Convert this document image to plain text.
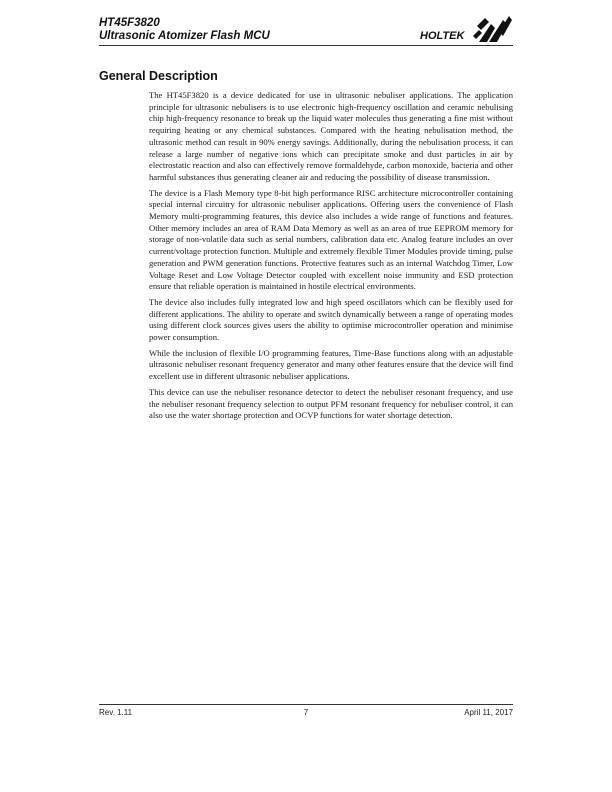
HT45F3820
Ultrasonic Atomizer Flash MCU	HOLTEK
General Description

The HT45F3820 is a device dedicated for use in ultrasonic nebuliser applications. The application principle for ultrasonic nebulisers is to use electronic high-frequency oscillation and ceramic nebulising chip high-frequency resonance to break up the liquid water molecules thus generating a fine mist without requiring heating or any chemical substances. Compared with the heating nebulisation method, the ultrasonic method can result in 90% energy savings. Additionally, during the nebulisation process, it can release a large number of negative ions which can precipitate smoke and dust particles in air by electrostatic reaction and also can effectively remove formaldehyde, carbon monoxide, bacteria and other harmful substances thus generating cleaner air and reducing the possibility of disease transmission.

The device is a Flash Memory type 8-bit high performance RISC architecture microcontroller containing special internal circuitry for ultrasonic nebuliser applications. Offering users the convenience of Flash Memory multi-programming features, this device also includes a wide range of functions and features. Other memory includes an area of RAM Data Memory as well as an area of true EEPROM memory for storage of non-volatile data such as serial numbers, calibration data etc. Analog feature includes an over current/voltage protection function. Multiple and extremely flexible Timer Modules provide timing, pulse generation and PWM generation functions. Protective features such as an internal Watchdog Timer, Low Voltage Reset and Low Voltage Detector coupled with excellent noise immunity and ESD protection ensure that reliable operation is maintained in hostile electrical environments.

The device also includes fully integrated low and high speed oscillators which can be flexibly used for different applications. The ability to operate and switch dynamically between a range of operating modes using different clock sources gives users the ability to optimise microcontroller operation and minimise power consumption.

While the inclusion of flexible I/O programming features, Time-Base functions along with an adjustable ultrasonic nebuliser resonant frequency generator and many other features ensure that the device will find excellent use in different ultrasonic nebuliser applications.

This device can use the nebuliser resonance detector to detect the nebuliser resonant frequency, and use the nebuliser resonant frequency selection to output PFM resonant frequency for nebuliser control, it can also use the water shortage protection and OCVP functions for water shortage detection.

Rev. 1.11	7	April 11, 2017
